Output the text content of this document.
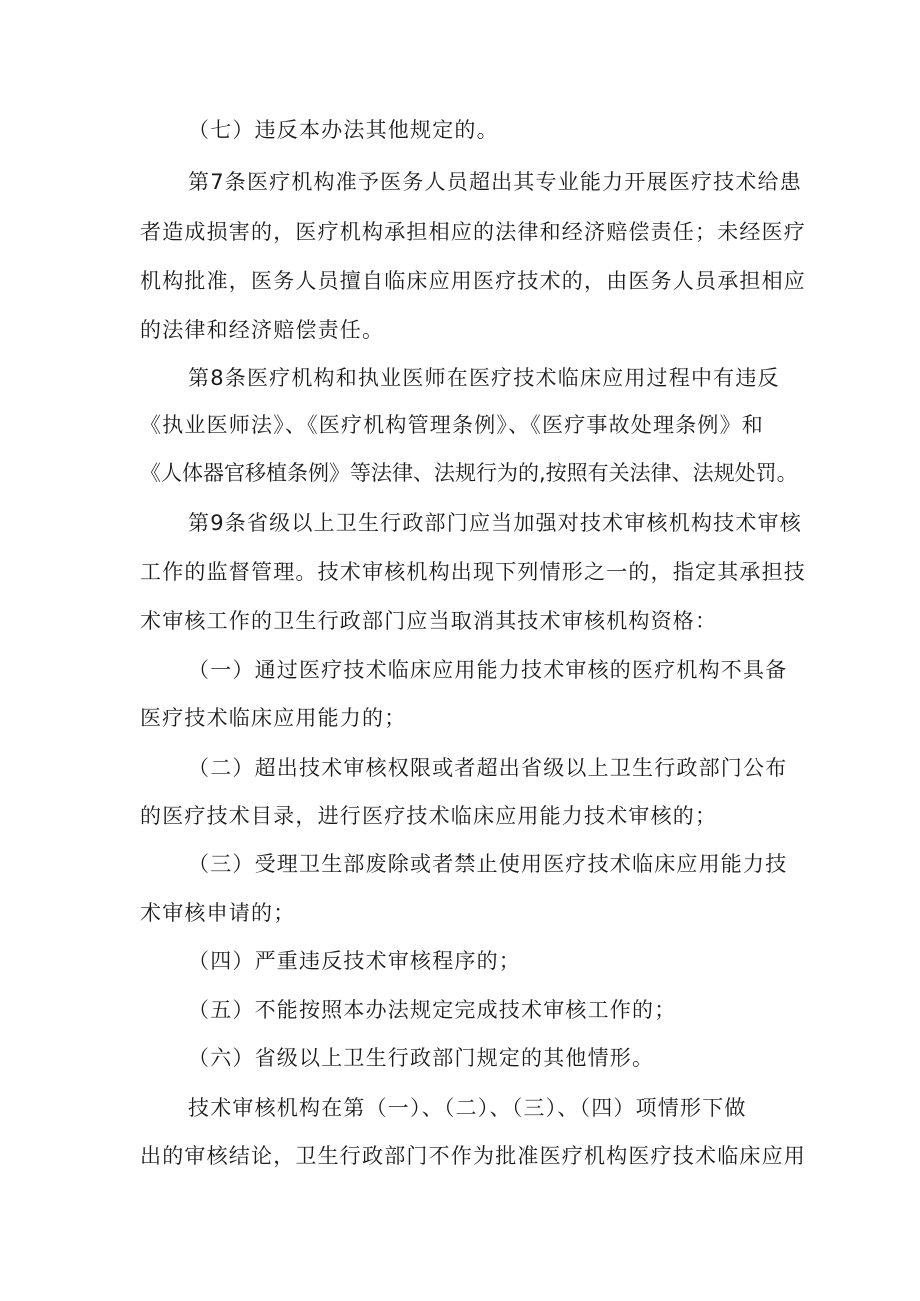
（七）违反本办法其他规定的。
第7条医疗机构准予医务人员超出其专业能力开展医疗技术给患
者造成损害的，医疗机构承担相应的法律和经济赔偿责任；未经医疗
机构批准，医务人员擅自临床应用医疗技术的，由医务人员承担相应
的法律和经济赔偿责任。
第8条医疗机构和执业医师在医疗技术临床应用过程中有违反
《执业医师法》、《医疗机构管理条例》、《医疗事故处理条例》和
《人体器官移植条例》等法律、法规行为的,按照有关法律、法规处罚。
第9条省级以上卫生行政部门应当加强对技术审核机构技术审核
工作的监督管理。技术审核机构出现下列情形之一的，指定其承担技
术审核工作的卫生行政部门应当取消其技术审核机构资格：
（一）通过医疗技术临床应用能力技术审核的医疗机构不具备
医疗技术临床应用能力的；
（二）超出技术审核权限或者超出省级以上卫生行政部门公布
的医疗技术目录，进行医疗技术临床应用能力技术审核的；
（三）受理卫生部废除或者禁止使用医疗技术临床应用能力技
术审核申请的；
（四）严重违反技术审核程序的；
（五）不能按照本办法规定完成技术审核工作的；
（六）省级以上卫生行政部门规定的其他情形。
技术审核机构在第（一）、（二）、（三）、（四）项情形下做
出的审核结论，卫生行政部门不作为批准医疗机构医疗技术临床应用
